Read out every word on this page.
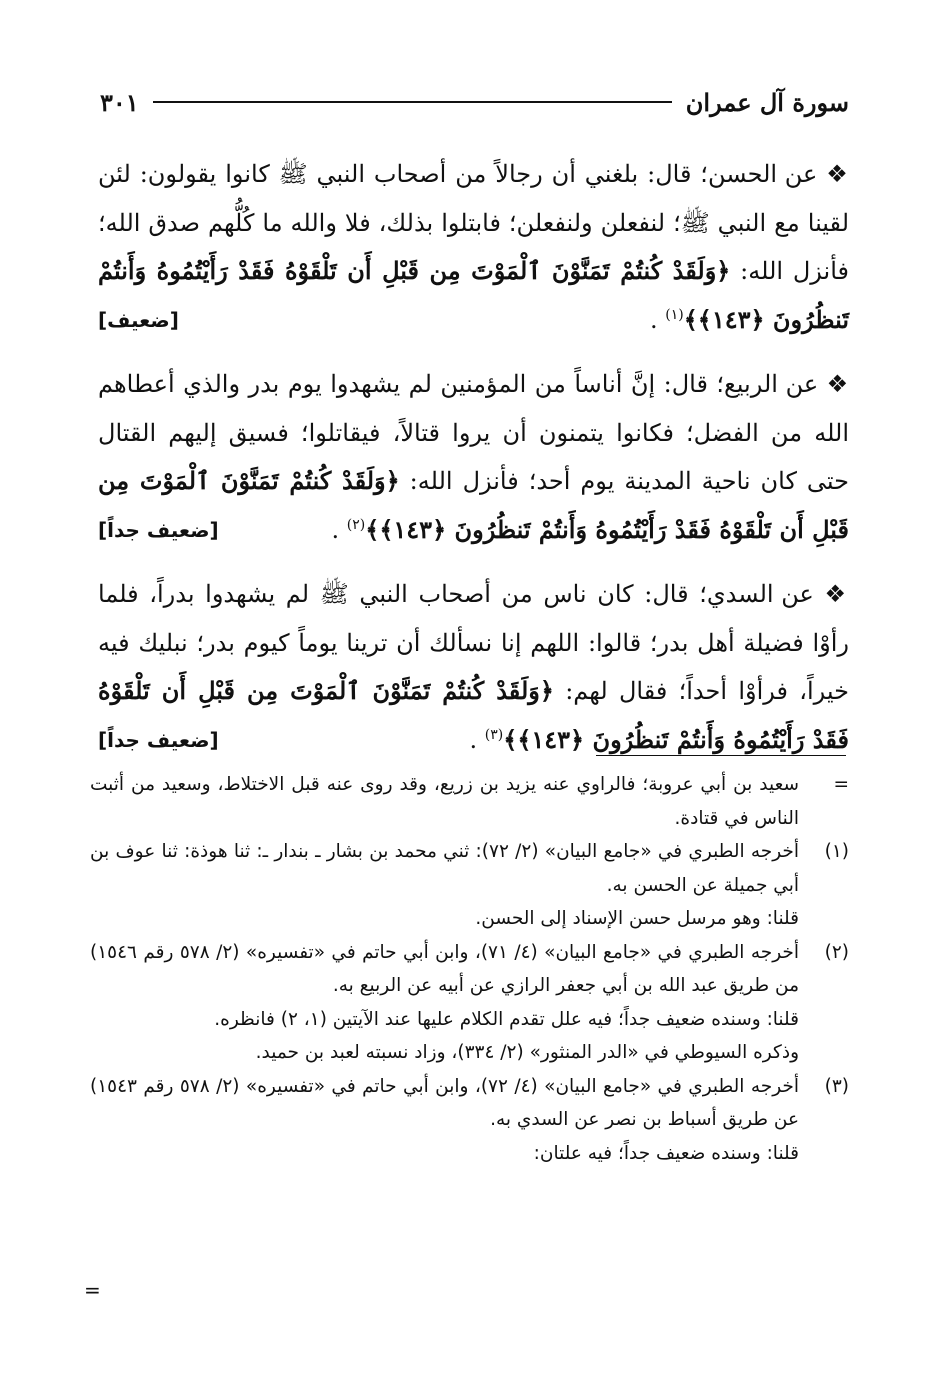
سورة آل عمران
٣٠١

❖ عن الحسن؛ قال: بلغني أن رجالاً من أصحاب النبي ﷺ كانوا يقولون: لئن لقينا مع النبي ﷺ؛ لنفعلن ولنفعلن؛ فابتلوا بذلك، فلا والله ما كُلُّهم صدق الله؛ فأنزل الله: ﴿وَلَقَدْ كُنتُمْ تَمَنَّوْنَ ٱلْمَوْتَ مِن قَبْلِ أَن تَلْقَوْهُ فَقَدْ رَأَيْتُمُوهُ وَأَنتُمْ تَنظُرُونَ ﴿١٤٣﴾﴾$^{(١)}$ .
[ضعيف]

❖ عن الربيع؛ قال: إنَّ أناساً من المؤمنين لم يشهدوا يوم بدر والذي أعطاهم الله من الفضل؛ فكانوا يتمنون أن يروا قتالاً، فيقاتلوا؛ فسيق إليهم القتال حتى كان ناحية المدينة يوم أحد؛ فأنزل الله: ﴿وَلَقَدْ كُنتُمْ تَمَنَّوْنَ ٱلْمَوْتَ مِن قَبْلِ أَن تَلْقَوْهُ فَقَدْ رَأَيْتُمُوهُ وَأَنتُمْ تَنظُرُونَ ﴿١٤٣﴾﴾$^{(٢)}$ .
[ضعيف جداً]

❖ عن السدي؛ قال: كان ناس من أصحاب النبي ﷺ لم يشهدوا بدراً، فلما رأوْا فضيلة أهل بدر؛ قالوا: اللهم إنا نسألك أن ترينا يوماً كيوم بدر؛ نبليك فيه خيراً، فرأوْا أحداً؛ فقال لهم: ﴿وَلَقَدْ كُنتُمْ تَمَنَّوْنَ ٱلْمَوْتَ مِن قَبْلِ أَن تَلْقَوْهُ فَقَدْ رَأَيْتُمُوهُ وَأَنتُمْ تَنظُرُونَ ﴿١٤٣﴾﴾$^{(٣)}$ .
[ضعيف جداً]

=

سعيد بن أبي عروبة؛ فالراوي عنه يزيد بن زريع، وقد روى عنه قبل الاختلاط، وسعيد من أثبت الناس في قتادة.

(١)

أخرجه الطبري في «جامع البيان» (٢/ ٧٢): ثني محمد بن بشار ـ بندار ـ: ثنا هوذة: ثنا عوف بن أبي جميلة عن الحسن به.

قلنا: وهو مرسل حسن الإسناد إلى الحسن.

(٢)

أخرجه الطبري في «جامع البيان» (٤/ ٧١)، وابن أبي حاتم في «تفسيره» (٢/ ٥٧٨ رقم ١٥٤٦) من طريق عبد الله بن أبي جعفر الرازي عن أبيه عن الربيع به.

قلنا: وسنده ضعيف جداً؛ فيه علل تقدم الكلام عليها عند الآيتين (١، ٢) فانظره.

وذكره السيوطي في «الدر المنثور» (٢/ ٣٣٤)، وزاد نسبته لعبد بن حميد.

(٣)

أخرجه الطبري في «جامع البيان» (٤/ ٧٢)، وابن أبي حاتم في «تفسيره» (٢/ ٥٧٨ رقم ١٥٤٣) عن طريق أسباط بن نصر عن السدي به.

قلنا: وسنده ضعيف جداً؛ فيه علتان:

=
